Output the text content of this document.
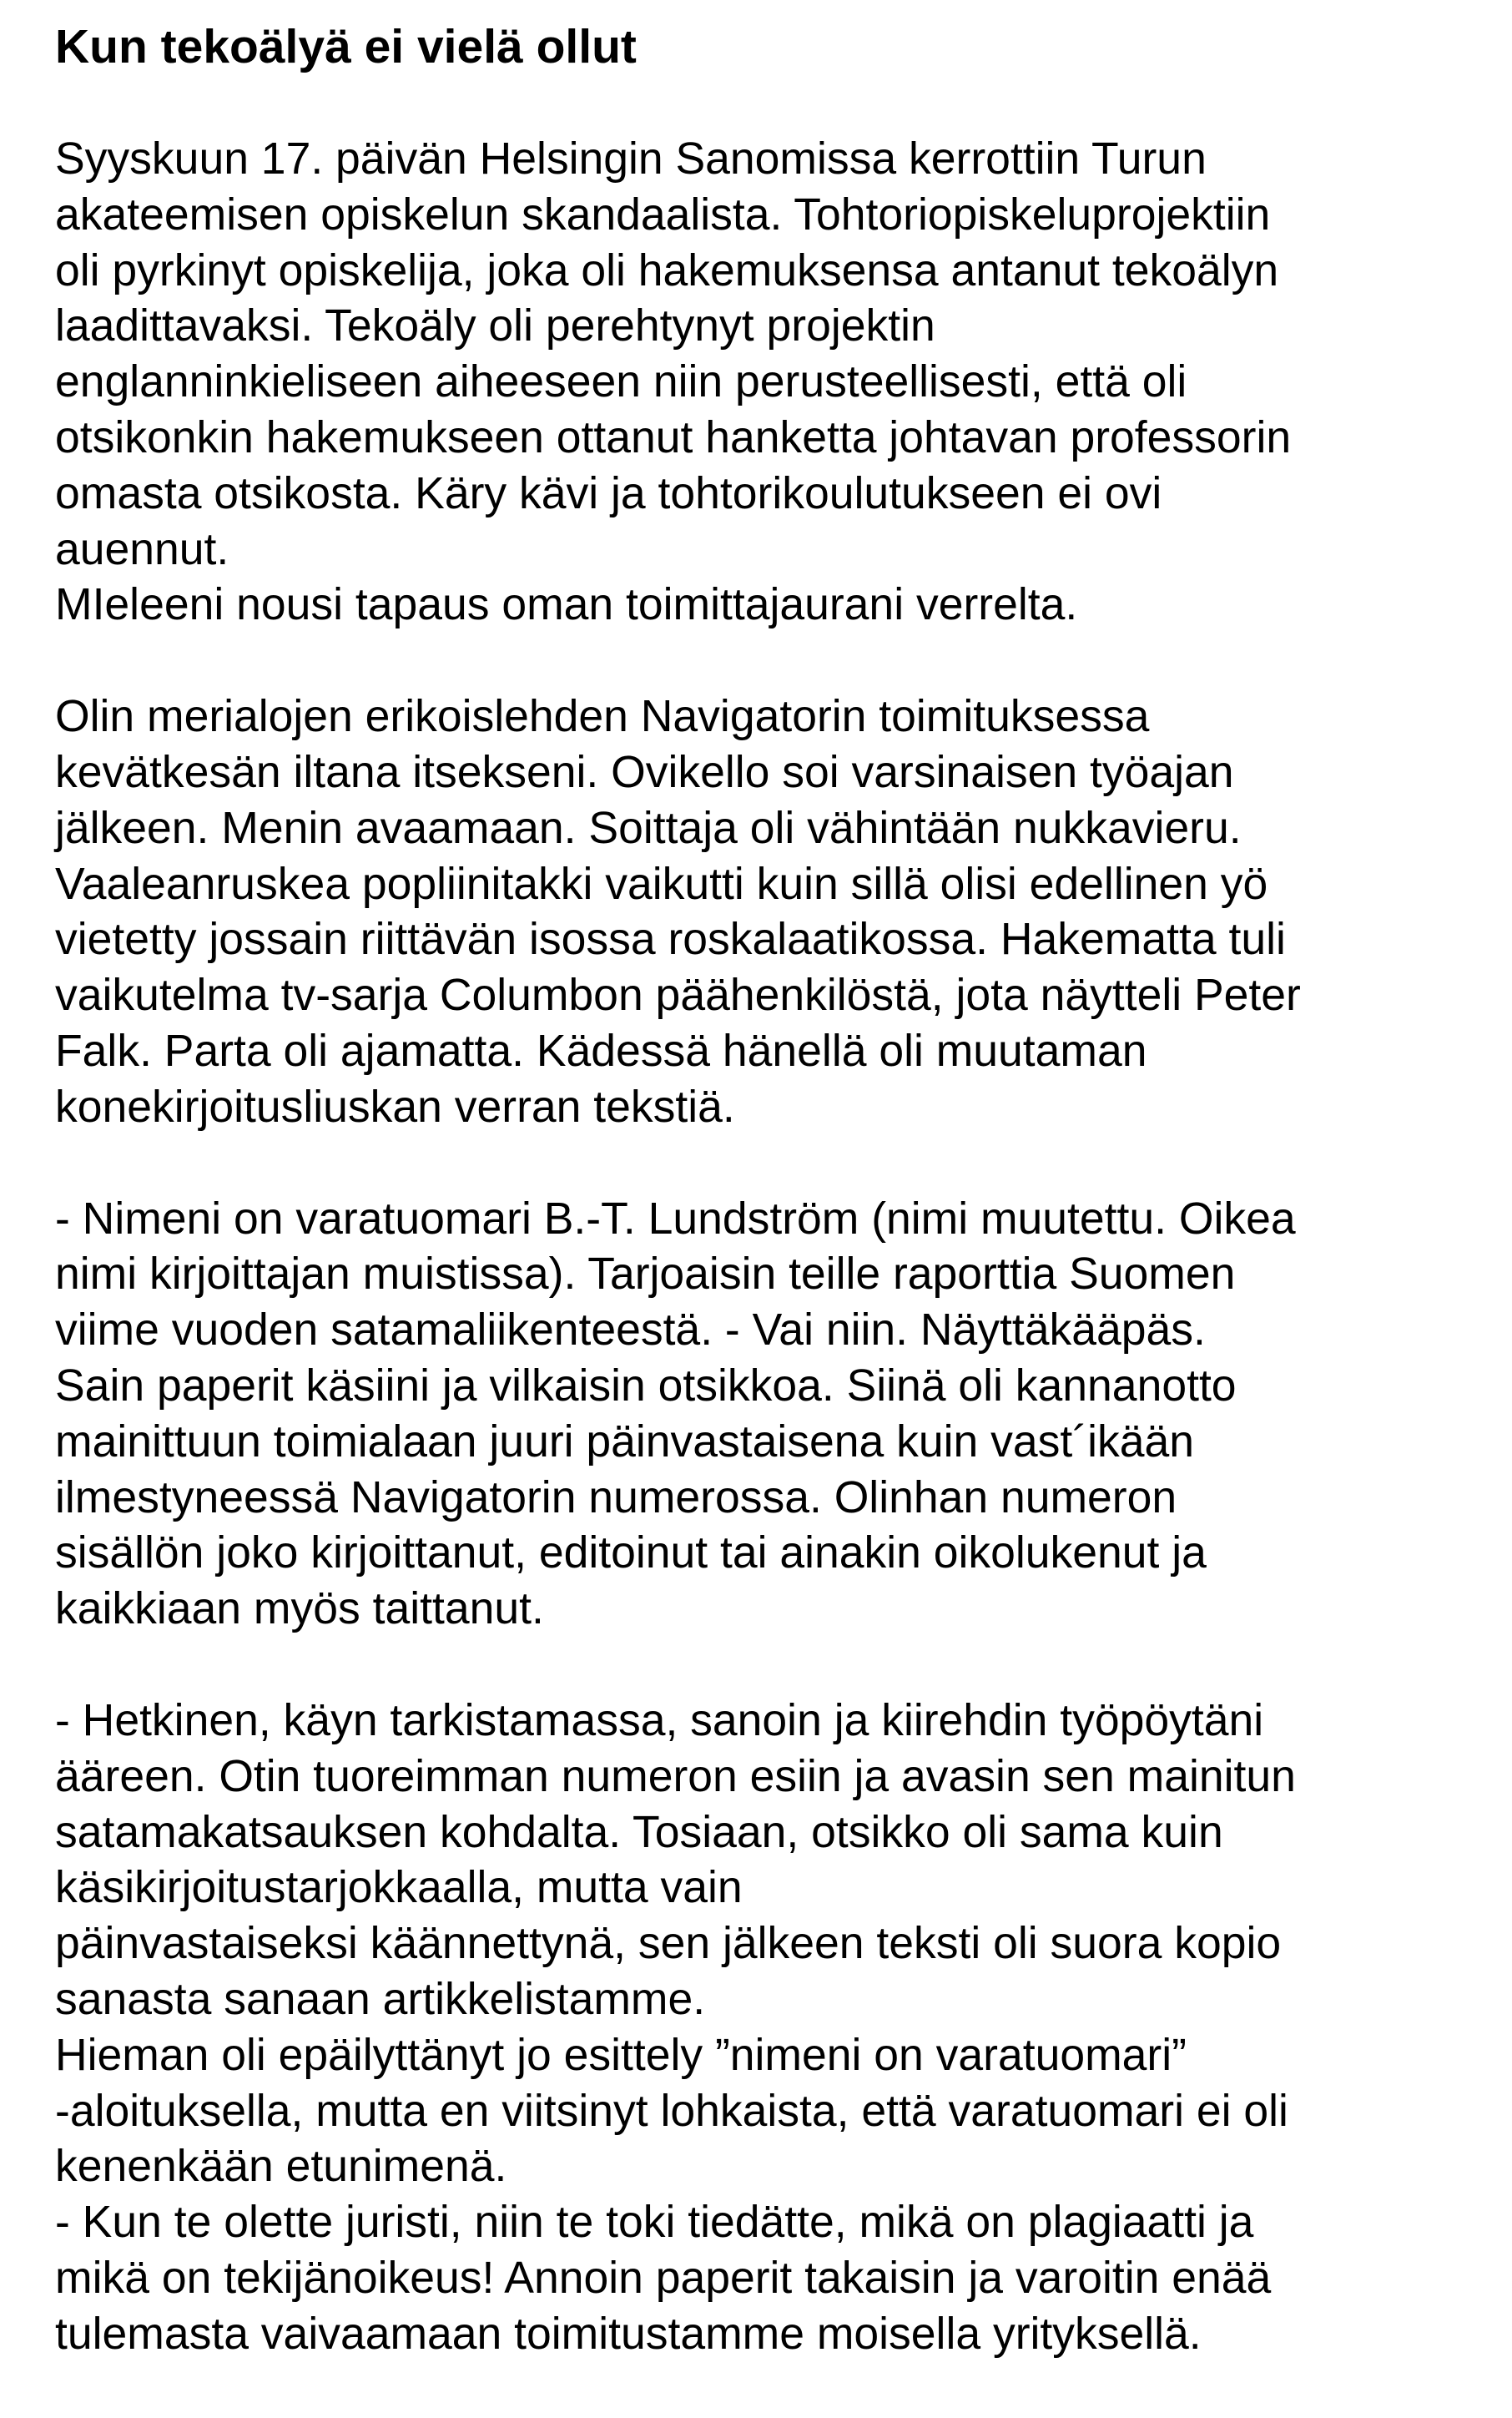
Kun tekoälyä ei vielä ollut
Syyskuun 17. päivän Helsingin Sanomissa kerrottiin Turun
akateemisen opiskelun skandaalista. Tohtoriopiskeluprojektiin
oli pyrkinyt opiskelija, joka oli hakemuksensa antanut tekoälyn
laadittavaksi. Tekoäly oli perehtynyt projektin
englanninkieliseen aiheeseen niin perusteellisesti, että oli
otsikonkin hakemukseen ottanut hanketta johtavan professorin
omasta otsikosta. Käry kävi ja tohtorikoulutukseen ei ovi
auennut.
MIeleeni nousi tapaus oman toimittajaurani verrelta.
Olin merialojen erikoislehden Navigatorin toimituksessa
kevätkesän iltana itsekseni. Ovikello soi varsinaisen työajan
jälkeen. Menin avaamaan. Soittaja oli vähintään nukkavieru.
Vaaleanruskea popliinitakki vaikutti kuin sillä olisi edellinen yö
vietetty jossain riittävän isossa roskalaatikossa. Hakematta tuli
vaikutelma tv-sarja Columbon päähenkilöstä, jota näytteli Peter
Falk. Parta oli ajamatta. Kädessä hänellä oli muutaman
konekirjoitusliuskan verran tekstiä.
- Nimeni on varatuomari B.-T. Lundström (nimi muutettu. Oikea
nimi kirjoittajan muistissa). Tarjoaisin teille raporttia Suomen
viime vuoden satamaliikenteestä. - Vai niin. Näyttäkääpäs.
Sain paperit käsiini ja vilkaisin otsikkoa. Siinä oli kannanotto
mainittuun toimialaan juuri päinvastaisena kuin vast´ikään
ilmestyneessä Navigatorin numerossa. Olinhan numeron
sisällön joko kirjoittanut, editoinut tai ainakin oikolukenut ja
kaikkiaan myös taittanut.
- Hetkinen, käyn tarkistamassa, sanoin ja kiirehdin työpöytäni
ääreen. Otin tuoreimman numeron esiin ja avasin sen mainitun
satamakatsauksen kohdalta. Tosiaan, otsikko oli sama kuin
käsikirjoitustarjokkaalla, mutta vain
päinvastaiseksi käännettynä, sen jälkeen teksti oli suora kopio
sanasta sanaan artikkelistamme.
Hieman oli epäilyttänyt jo esittely ”nimeni on varatuomari”
-aloituksella, mutta en viitsinyt lohkaista, että varatuomari ei oli
kenenkään etunimenä.
- Kun te olette juristi, niin te toki tiedätte, mikä on plagiaatti ja
mikä on tekijänoikeus! Annoin paperit takaisin ja varoitin enää
tulemasta vaivaamaan toimitustamme moisella yrityksellä.
